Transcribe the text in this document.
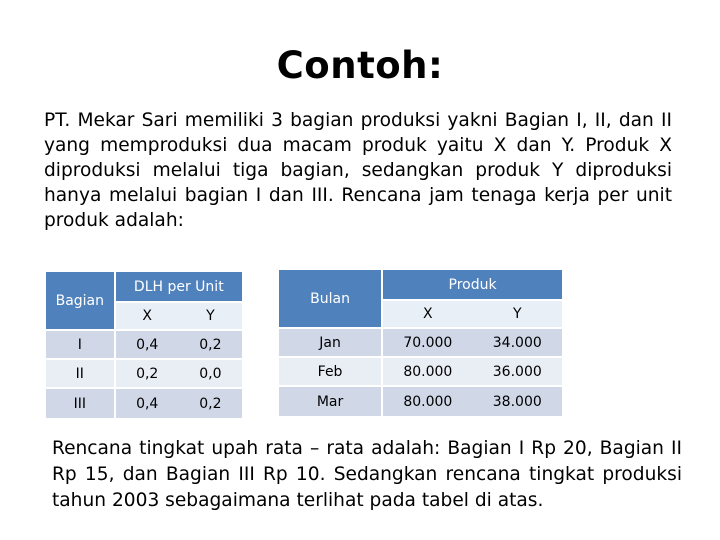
Contoh:
PT. Mekar Sari memiliki 3 bagian produksi yakni Bagian I, II, dan II yang memproduksi dua macam produk yaitu X dan Y. Produk X diproduksi melalui tiga bagian, sedangkan produk Y diproduksi hanya melalui bagian I dan III. Rencana jam tenaga kerja per unit produk adalah:
Bagian	DLH per Unit	
	X	Y
I	0,4	0,2
II	0,2	0,0
III	0,4	0,2
Bulan	Produk	
	X	Y
Jan	70.000	34.000
Feb	80.000	36.000
Mar	80.000	38.000
Rencana tingkat upah rata – rata adalah: Bagian I Rp 20, Bagian II Rp 15, dan Bagian III Rp 10. Sedangkan rencana tingkat produksi tahun 2003 sebagaimana terlihat pada tabel di atas.
